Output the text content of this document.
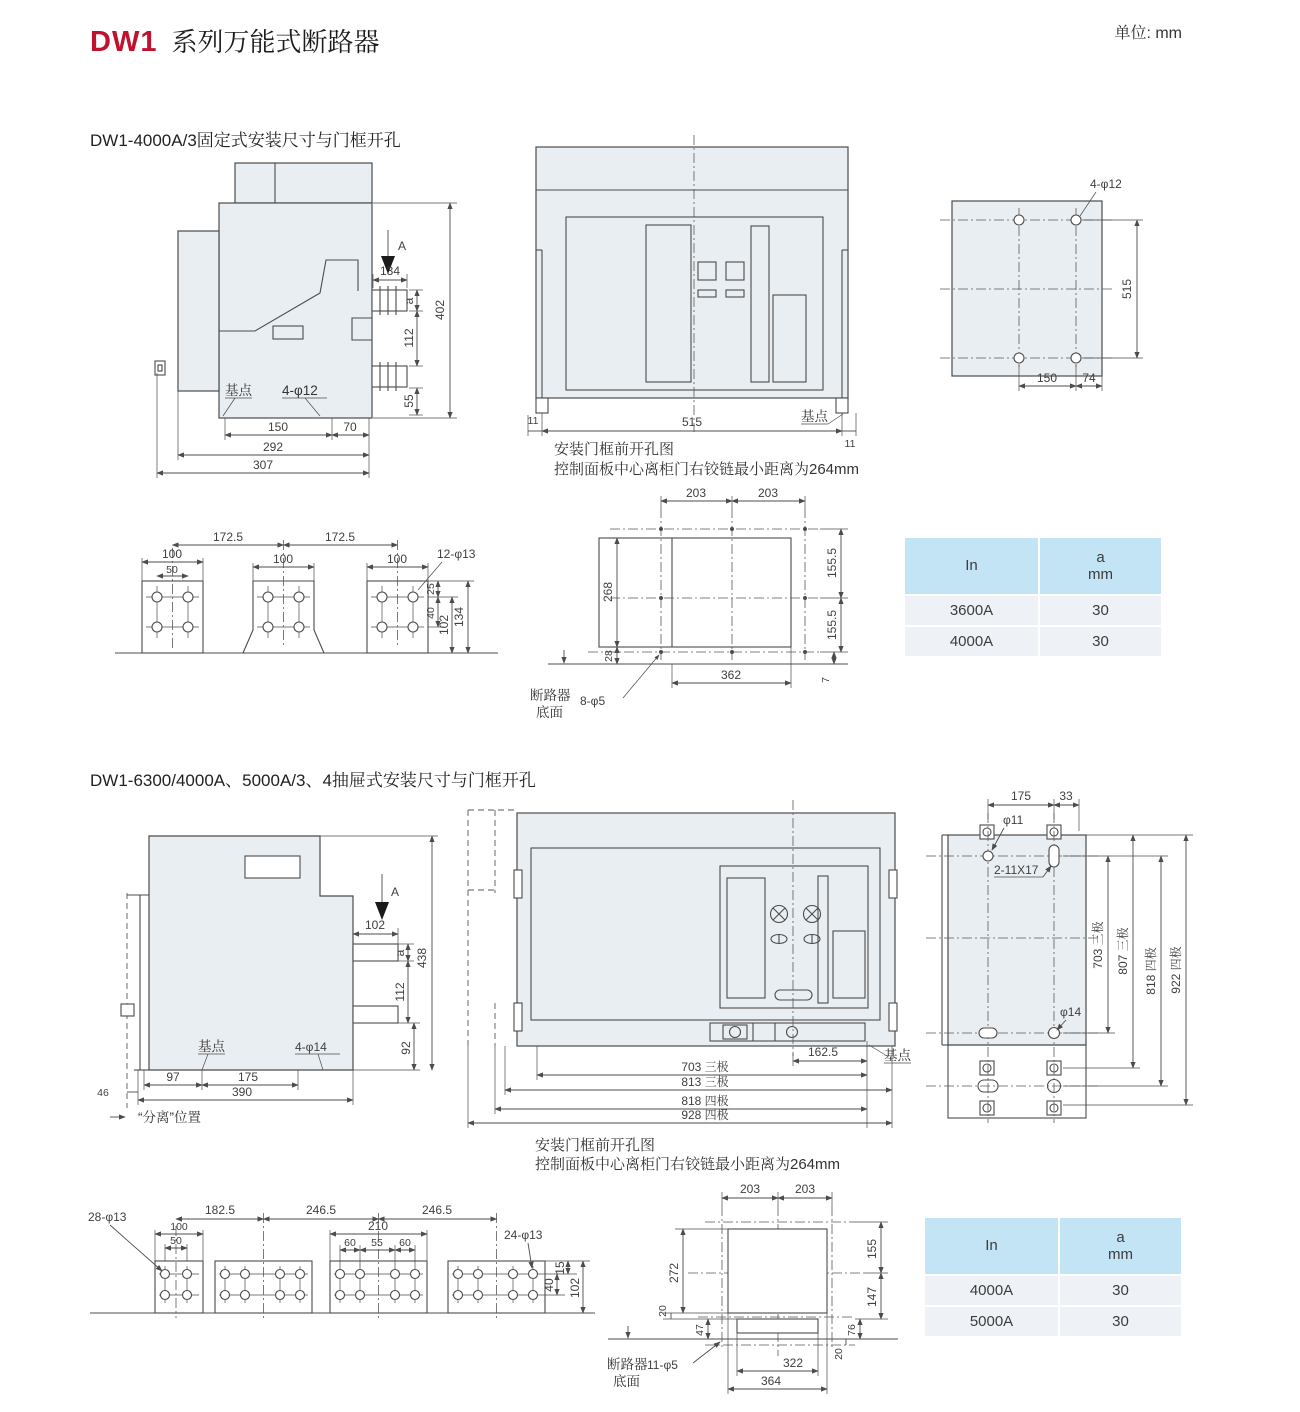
DW1 系列万能式断路器	单位: mm
DW1-4000A/3固定式安装尺寸与门框开孔
A
134
a
112
55
402
基点 4-φ12
150	70
292
307
基点
515
11
11
安装门框前开孔图
控制面板中心离柜门右铰链最小距离为264mm
4-φ12
515
150 74
172.5	172.5
100
50
100	100 12-φ13
25
40
102 134
203	203
155.5
155.5
268
28
362	7
断路器
底面
8-φ5
In
a
mm
3600A	30
4000A	30
DW1-6300/4000A、5000A/3、4抽屉式安装尺寸与门框开孔
A
102
a
112
92
438
基点	4-φ14
97	175
390
46
“分离”位置
基点
162.5
703 三极
813 三极
818 四极
928 四极
安装门框前开孔图
控制面板中心离柜门右铰链最小距离为264mm
175 33
φ11
2-11X17
φ14
703 三极 807 三极 818 四极 922 四极
28-φ13	182.5	246.5	246.5
100
50
210
60 55 60
24-φ13
15
40 102
203	203
272
20
47
155
147
76
20
322
364
断路器
底面
11-φ5
In
a
mm
4000A	30
5000A	30
